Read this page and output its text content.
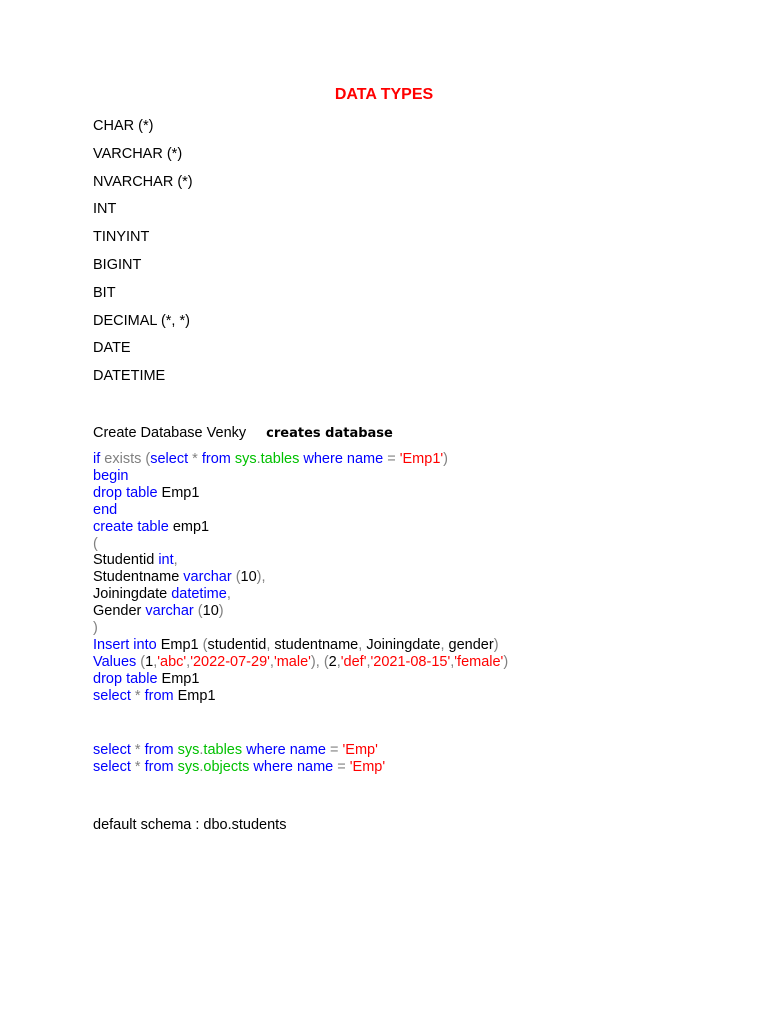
DATA TYPES
CHAR (*)
VARCHAR (*)
NVARCHAR (*)
INT
TINYINT
BIGINT
BIT
DECIMAL (*, *)
DATE
DATETIME
Create Database Venky creates database
if exists (select * from sys.tables where name = 'Emp1')
begin
drop table Emp1
end
create table emp1
(
Studentid int,
Studentname varchar (10),
Joiningdate datetime,
Gender varchar (10)
)
Insert into Emp1 (studentid, studentname, Joiningdate, gender)
Values (1,'abc','2022-07-29','male'), (2,'def','2021-08-15','female')
drop table Emp1
select * from Emp1
select * from sys.tables where name = 'Emp'
select * from sys.objects where name = 'Emp'
default schema : dbo.students
